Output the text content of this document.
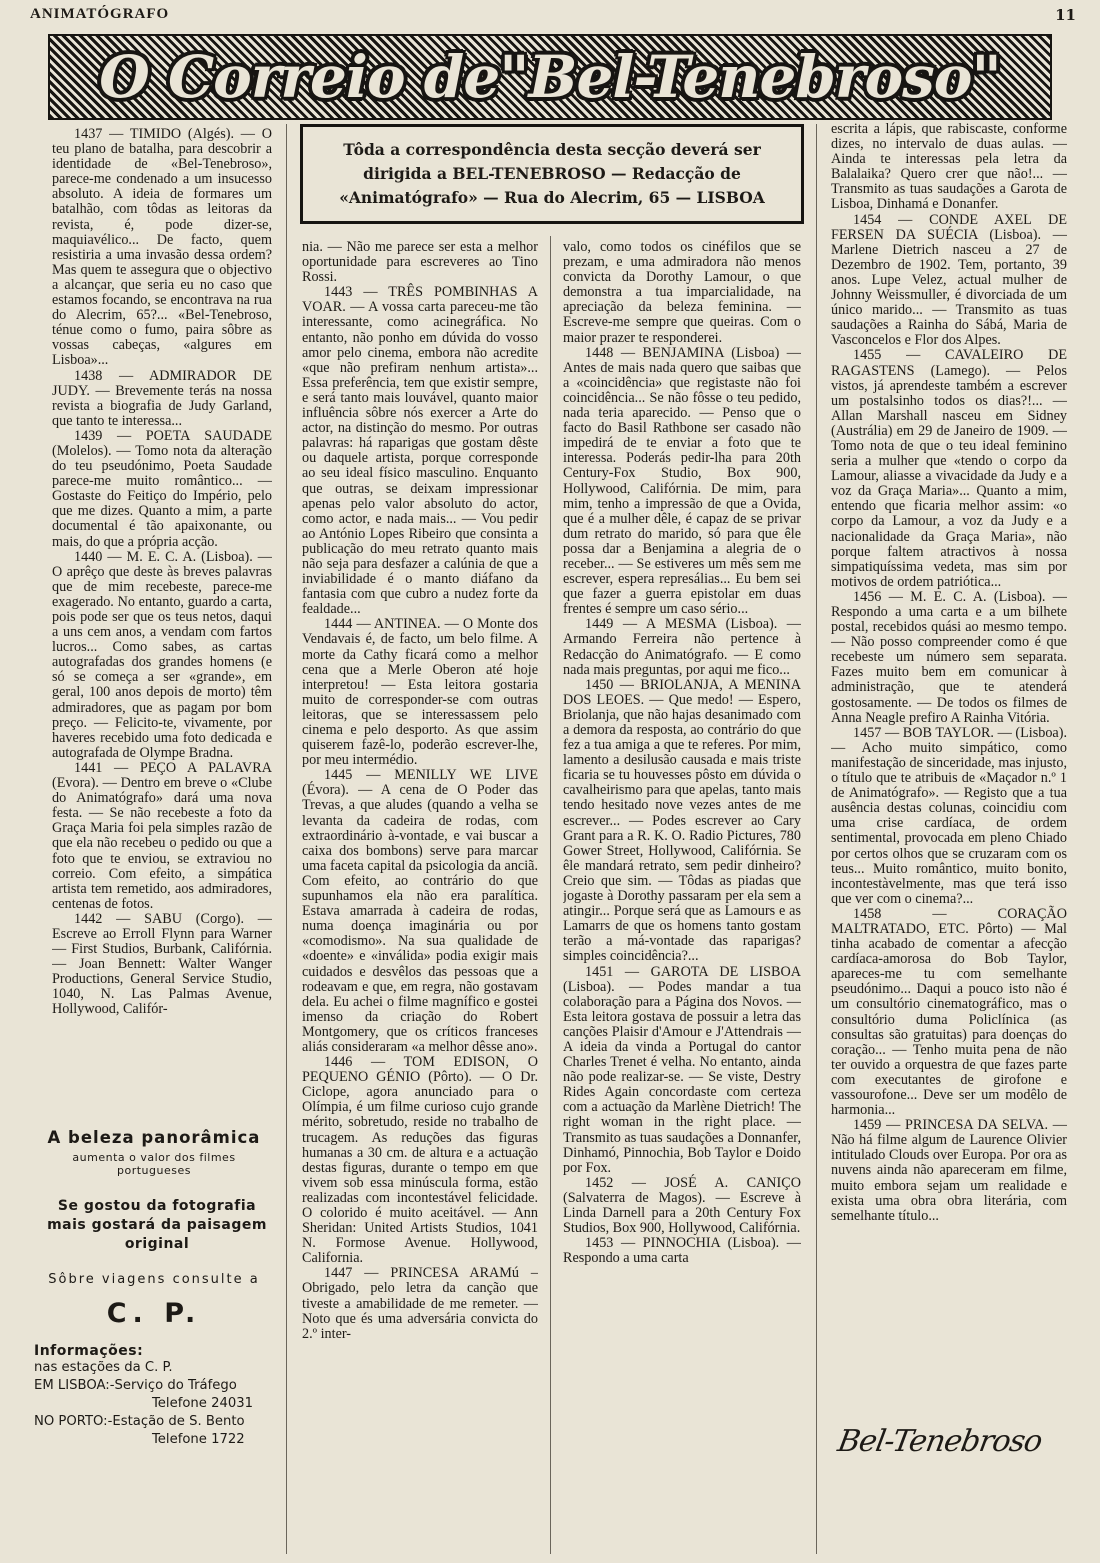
ANIMATÓGRAFO	11
O Correio de"Bel-Tenebroso"
Tôda a correspondência desta secção deverá ser dirigida a BEL-TENEBROSO — Redacção de «Animatógrafo» — Rua do Alecrim, 65 — LISBOA

1437 — TIMIDO (Algés). — O teu plano de batalha, para descobrir a identidade de «Bel-Tenebroso», parece-me condenado a um insucesso absoluto. A ideia de formares um batalhão, com tôdas as leitoras da revista, é, pode dizer-se, maquiavélico... De facto, quem resistiria a uma invasão dessa ordem? Mas quem te assegura que o objectivo a alcançar, que seria eu no caso que estamos focando, se encontrava na rua do Alecrim, 65?... «Bel-Tenebroso, ténue como o fumo, paira sôbre as vossas cabeças, «algures em Lisboa»...

1438 — ADMIRADOR DE JUDY. — Brevemente terás na nossa revista a biografia de Judy Garland, que tanto te interessa...

1439 — POETA SAUDADE (Molelos). — Tomo nota da alteração do teu pseudónimo, Poeta Saudade parece-me muito romântico... — Gostaste do Feitiço do Império, pelo que me dizes. Quanto a mim, a parte documental é tão apaixonante, ou mais, do que a própria acção.

1440 — M. E. C. A. (Lisboa). — O aprêço que deste às breves palavras que de mim recebeste, parece-me exagerado. No entanto, guardo a carta, pois pode ser que os teus netos, daqui a uns cem anos, a vendam com fartos lucros... Como sabes, as cartas autografadas dos grandes homens (e só se começa a ser «grande», em geral, 100 anos depois de morto) têm admiradores, que as pagam por bom preço. — Felicito-te, vivamente, por haveres recebido uma foto dedicada e autografada de Olympe Bradna.

1441 — PEÇO A PALAVRA (Evora). — Dentro em breve o «Clube do Animatógrafo» dará uma nova festa. — Se não recebeste a foto da Graça Maria foi pela simples razão de que ela não recebeu o pedido ou que a foto que te enviou, se extraviou no correio. Com efeito, a simpática artista tem remetido, aos admiradores, centenas de fotos.

1442 — SABU (Corgo). — Escreve ao Erroll Flynn para Warner — First Studios, Burbank, Califórnia. — Joan Bennett: Walter Wanger Productions, General Service Studio, 1040, N. Las Palmas Avenue, Hollywood, Califór-

nia. — Não me parece ser esta a melhor oportunidade para escreveres ao Tino Rossi.

1443 — TRÊS POMBINHAS A VOAR. — A vossa carta pareceu-me tão interessante, como acinegráfica. No entanto, não ponho em dúvida do vosso amor pelo cinema, embora não acredite «que não prefiram nenhum artista»... Essa preferência, tem que existir sempre, e será tanto mais louvável, quanto maior influência sôbre nós exercer a Arte do actor, na distinção do mesmo. Por outras palavras: há raparigas que gostam dêste ou daquele artista, porque corresponde ao seu ideal físico masculino. Enquanto que outras, se deixam impressionar apenas pelo valor absoluto do actor, como actor, e nada mais... — Vou pedir ao António Lopes Ribeiro que consinta a publicação do meu retrato quanto mais não seja para desfazer a calúnia de que a inviabilidade é o manto diáfano da fantasia com que cubro a nudez forte da fealdade...

1444 — ANTINEA. — O Monte dos Vendavais é, de facto, um belo filme. A morte da Cathy ficará como a melhor cena que a Merle Oberon até hoje interpretou! — Esta leitora gostaria muito de corresponder-se com outras leitoras, que se interessassem pelo cinema e pelo desporto. As que assim quiserem fazê-lo, poderão escrever-lhe, por meu intermédio.

1445 — MENILLY WE LIVE (Évora). — A cena de O Poder das Trevas, a que aludes (quando a velha se levanta da cadeira de rodas, com extraordinário à-vontade, e vai buscar a caixa dos bombons) serve para marcar uma faceta capital da psicologia da anciã. Com efeito, ao contrário do que supunhamos ela não era paralítica. Estava amarrada à cadeira de rodas, numa doença imaginária ou por «comodismo». Na sua qualidade de «doente» e «inválida» podia exigir mais cuidados e desvêlos das pessoas que a rodeavam e que, em regra, não gostavam dela. Eu achei o filme magnífico e gostei imenso da criação do Robert Montgomery, que os críticos franceses aliás consideraram «a melhor dêsse ano».

1446 — TOM EDISON, O PEQUENO GÉNIO (Pôrto). — O Dr. Ciclope, agora anunciado para o Olímpia, é um filme curioso cujo grande mérito, sobretudo, reside no trabalho de trucagem. As reduções das figuras humanas a 30 cm. de altura e a actuação destas figuras, durante o tempo em que vivem sob essa minúscula forma, estão realizadas com incontestável felicidade. O colorido é muito aceitável. — Ann Sheridan: United Artists Studios, 1041 N. Formose Avenue. Hollywood, California.

1447 — PRINCESA ARAMú – Obrigado, pelo letra da canção que tiveste a amabilidade de me remeter. — Noto que és uma adversária convicta do 2.º inter-

valo, como todos os cinéfilos que se prezam, e uma admiradora não menos convicta da Dorothy Lamour, o que demonstra a tua imparcialidade, na apreciação da beleza feminina. — Escreve-me sempre que queiras. Com o maior prazer te responderei.

1448 — BENJAMINA (Lisboa) — Antes de mais nada quero que saibas que a «coincidência» que registaste não foi coincidência... Se não fôsse o teu pedido, nada teria aparecido. — Penso que o facto do Basil Rathbone ser casado não impedirá de te enviar a foto que te interessa. Poderás pedir-lha para 20th Century-Fox Studio, Box 900, Hollywood, Califórnia. De mim, para mim, tenho a impressão de que a Ovida, que é a mulher dêle, é capaz de se privar dum retrato do marido, só para que êle possa dar a Benjamina a alegria de o receber... — Se estiveres um mês sem me escrever, espera represálias... Eu bem sei que fazer a guerra epistolar em duas frentes é sempre um caso sério...

1449 — A MESMA (Lisboa). — Armando Ferreira não pertence à Redacção do Animatógrafo. — E como nada mais preguntas, por aqui me fico...

1450 — BRIOLANJA, A MENINA DOS LEOES. — Que medo! — Espero, Briolanja, que não hajas desanimado com a demora da resposta, ao contrário do que fez a tua amiga a que te referes. Por mim, lamento a desilusão causada e mais triste ficaria se tu houvesses pôsto em dúvida o cavalheirismo para que apelas, tanto mais tendo hesitado nove vezes antes de me escrever... — Podes escrever ao Cary Grant para a R. K. O. Radio Pictures, 780 Gower Street, Hollywood, Califórnia. Se êle mandará retrato, sem pedir dinheiro? Creio que sim. — Tôdas as piadas que jogaste à Dorothy passaram per ela sem a atingir... Porque será que as Lamours e as Lamarrs de que os homens tanto gostam terão a má-vontade das raparigas? simples coincidência?...

1451 — GAROTA DE LISBOA (Lisboa). — Podes mandar a tua colaboração para a Página dos Novos. — Esta leitora gostava de possuir a letra das canções Plaisir d'Amour e J'Attendrais — A ideia da vinda a Portugal do cantor Charles Trenet é velha. No entanto, ainda não pode realizar-se. — Se viste, Destry Rides Again concordaste com certeza com a actuação da Marlène Dietrich! The right woman in the right place. — Transmito as tuas saudações a Donnanfer, Dinhamó, Pinnochia, Bob Taylor e Doido por Fox.

1452 — JOSÉ A. CANIÇO (Salvaterra de Magos). — Escreve à Linda Darnell para a 20th Century Fox Studios, Box 900, Hollywood, Califórnia.

1453 — PINNOCHIA (Lisboa). — Respondo a uma carta

escrita a lápis, que rabiscaste, conforme dizes, no intervalo de duas aulas. — Ainda te interessas pela letra da Balalaika? Quero crer que não!... — Transmito as tuas saudações a Garota de Lisboa, Dinhamá e Donanfer.

1454 — CONDE AXEL DE FERSEN DA SUÉCIA (Lisboa). — Marlene Dietrich nasceu a 27 de Dezembro de 1902. Tem, portanto, 39 anos. Lupe Velez, actual mulher de Johnny Weissmuller, é divorciada de um único marido... — Transmito as tuas saudações a Rainha do Sábá, Maria de Vasconcelos e Flor dos Alpes.

1455 — CAVALEIRO DE RAGASTENS (Lamego). — Pelos vistos, já aprendeste também a escrever um postalsinho todos os dias?!... — Allan Marshall nasceu em Sidney (Austrália) em 29 de Janeiro de 1909. — Tomo nota de que o teu ideal feminino seria a mulher que «tendo o corpo da Lamour, aliasse a vivacidade da Judy e a voz da Graça Maria»... Quanto a mim, entendo que ficaria melhor assim: «o corpo da Lamour, a voz da Judy e a nacionalidade da Graça Maria», não porque faltem atractivos à nossa simpatiquíssima vedeta, mas sim por motivos de ordem patriótica...

1456 — M. E. C. A. (Lisboa). — Respondo a uma carta e a um bilhete postal, recebidos quási ao mesmo tempo. — Não posso compreender como é que recebeste um número sem separata. Fazes muito bem em comunicar à administração, que te atenderá gostosamente. — De todos os filmes de Anna Neagle prefiro A Rainha Vitória.

1457 — BOB TAYLOR. — (Lisboa). — Acho muito simpático, como manifestação de sinceridade, mas injusto, o título que te atribuis de «Maçador n.º 1 de Animatógrafo». — Registo que a tua ausência destas colunas, coincidiu com uma crise cardíaca, de ordem sentimental, provocada em pleno Chiado por certos olhos que se cruzaram com os teus... Muito romântico, muito bonito, incontestàvelmente, mas que terá isso que ver com o cinema?...

1458 — CORAÇÃO MALTRATADO, ETC. Pôrto) — Mal tinha acabado de comentar a afecção cardíaca-amorosa do Bob Taylor, apareces-me tu com semelhante pseudónimo... Daqui a pouco isto não é um consultório cinematográfico, mas o consultório duma Policlínica (as consultas são gratuitas) para doenças do coração... — Tenho muita pena de não ter ouvido a orquestra de que fazes parte com executantes de girofone e vassourofone... Deve ser um modêlo de harmonia...

1459 — PRINCESA DA SELVA. — Não há filme algum de Laurence Olivier intitulado Clouds over Europa. Por ora as nuvens ainda não apareceram em filme, muito embora sejam um realidade e exista uma obra obra literária, com semelhante título...

A beleza panorâmica
aumenta o valor dos filmes portugueses
Se gostou da fotografia mais gostará da paisagem original
Sôbre viagens consulte a
C. P.
Informações:
nas estações da C. P.
EM LISBOA:-Serviço do Tráfego
Telefone 24031
NO PORTO:-Estação de S. Bento
Telefone 1722	Bel-Tenebroso
